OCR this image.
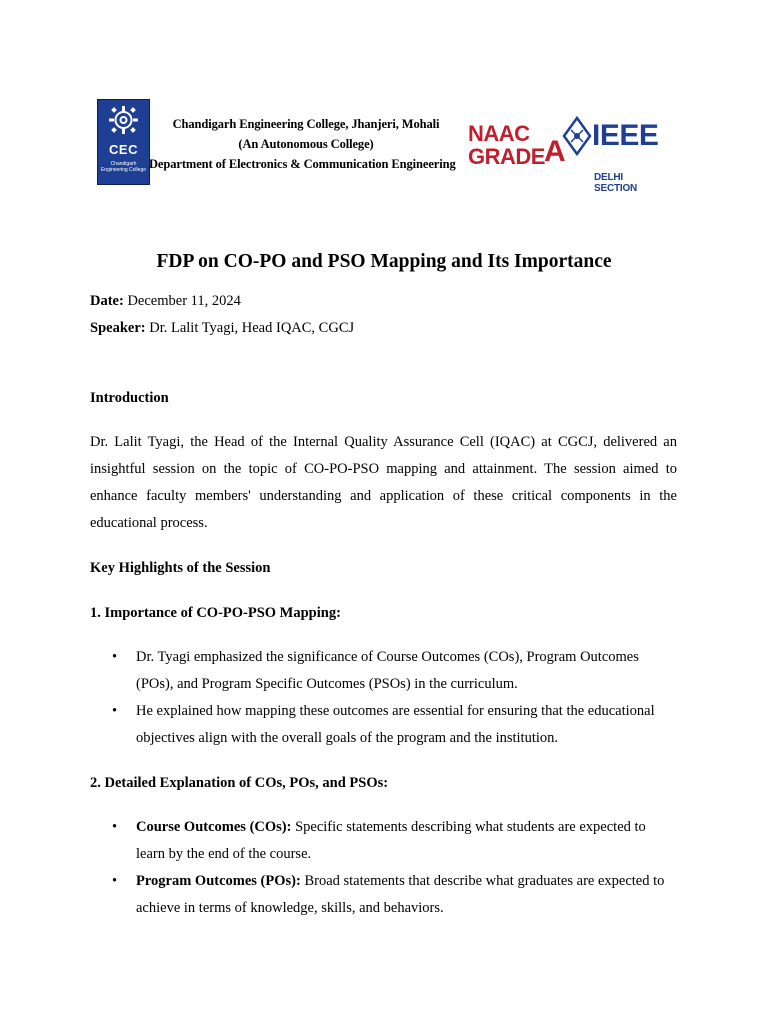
CEC
Chandigarh Engineering College
Chandigarh Engineering College, Jhanjeri, Mohali
(An Autonomous College)
Department of Electronics & Communication Engineering
NAAC
GRADE A IEEE
DELHI SECTION
FDP on CO-PO and PSO Mapping and Its Importance
Date: December 11, 2024
Speaker: Dr. Lalit Tyagi, Head IQAC, CGCJ
Introduction

Dr. Lalit Tyagi, the Head of the Internal Quality Assurance Cell (IQAC) at CGCJ, delivered an insightful session on the topic of CO-PO-PSO mapping and attainment. The session aimed to enhance faculty members' understanding and application of these critical components in the educational process.

Key Highlights of the Session
1. Importance of CO-PO-PSO Mapping:
• Dr. Tyagi emphasized the significance of Course Outcomes (COs), Program Outcomes (POs), and Program Specific Outcomes (PSOs) in the curriculum.
• He explained how mapping these outcomes are essential for ensuring that the educational objectives align with the overall goals of the program and the institution.
2. Detailed Explanation of COs, POs, and PSOs:
• Course Outcomes (COs): Specific statements describing what students are expected to learn by the end of the course.
• Program Outcomes (POs): Broad statements that describe what graduates are expected to achieve in terms of knowledge, skills, and behaviors.
